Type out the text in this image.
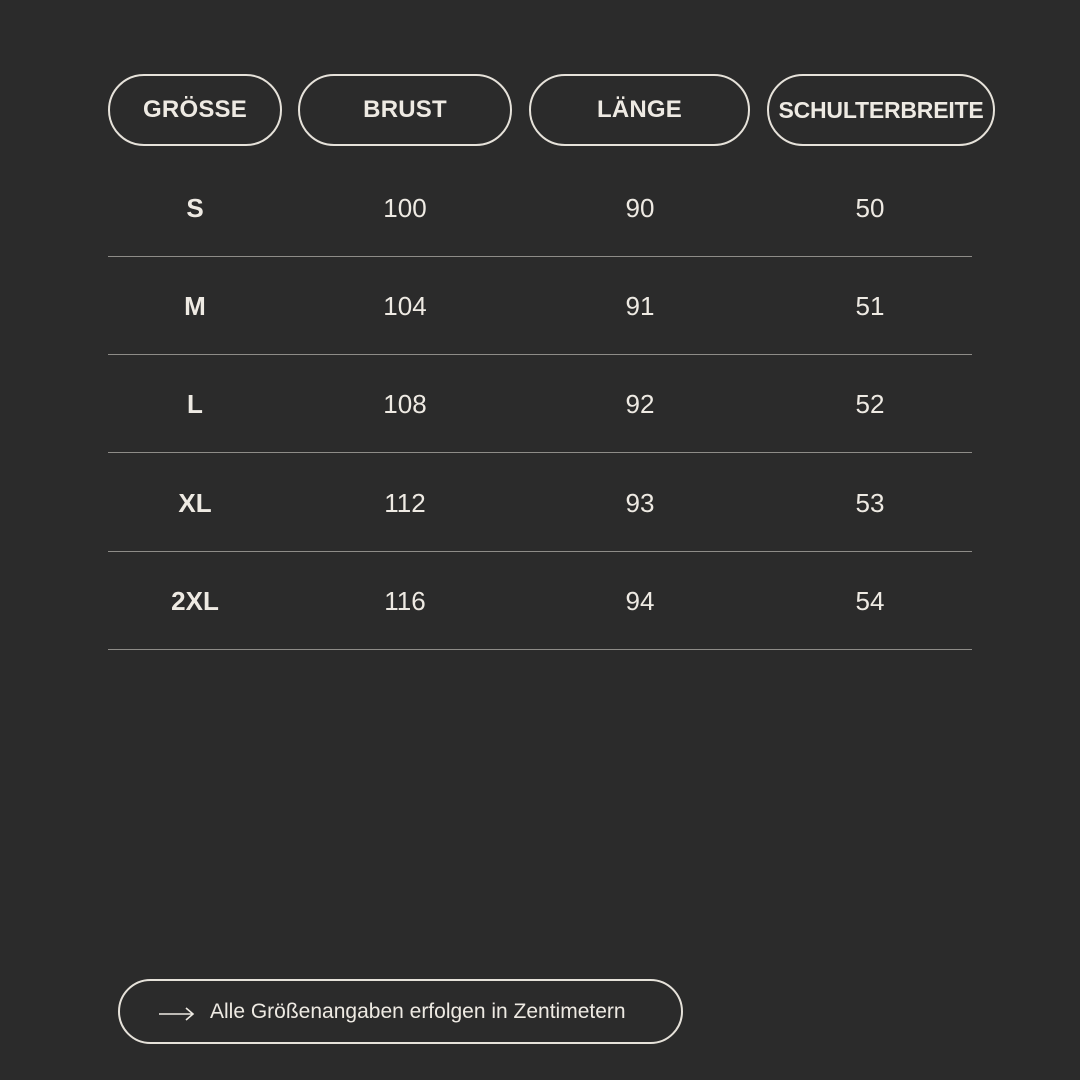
GRÖSSE	BRUST	LÄNGE	SCHULTERBREITE
S	100	90	50
M	104	91	51
L	108	92	52
XL	112	93	53
2XL	116	94	54
Alle Größenangaben erfolgen in Zentimetern
